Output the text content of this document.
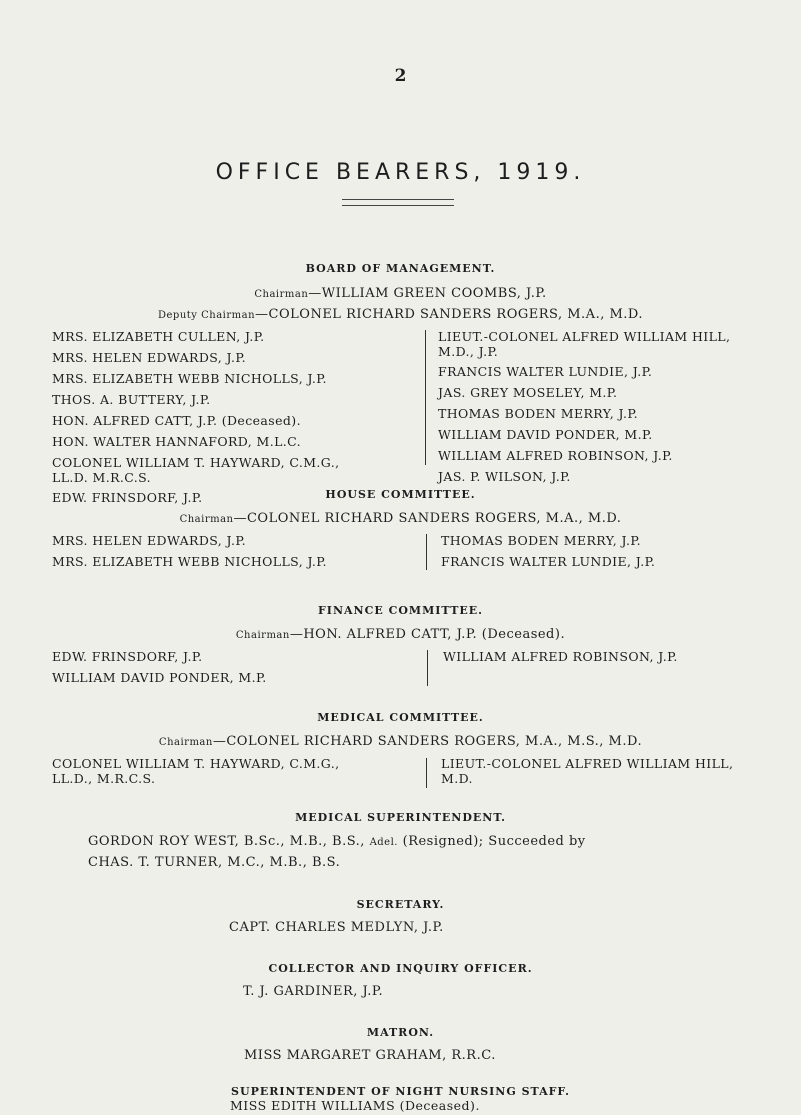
2
OFFICE BEARERS, 1919.
BOARD OF MANAGEMENT.
Chairman—WILLIAM GREEN COOMBS, J.P.
Deputy Chairman—COLONEL RICHARD SANDERS ROGERS, M.A., M.D.
MRS. ELIZABETH CULLEN, J.P.
MRS. HELEN EDWARDS, J.P.
MRS. ELIZABETH WEBB NICHOLLS, J.P.
THOS. A. BUTTERY, J.P.
HON. ALFRED CATT, J.P. (Deceased).
HON. WALTER HANNAFORD, M.L.C.
COLONEL WILLIAM T. HAYWARD, C.M.G.,
LL.D. M.R.C.S.
EDW. FRINSDORF, J.P.
LIEUT.-COLONEL ALFRED WILLIAM HILL,
M.D., J.P.
FRANCIS WALTER LUNDIE, J.P.
JAS. GREY MOSELEY, M.P.
THOMAS BODEN MERRY, J.P.
WILLIAM DAVID PONDER, M.P.
WILLIAM ALFRED ROBINSON, J.P.
JAS. P. WILSON, J.P.
HOUSE COMMITTEE.
Chairman—COLONEL RICHARD SANDERS ROGERS, M.A., M.D.
MRS. HELEN EDWARDS, J.P.
MRS. ELIZABETH WEBB NICHOLLS, J.P.
THOMAS BODEN MERRY, J.P.
FRANCIS WALTER LUNDIE, J.P.
FINANCE COMMITTEE.
Chairman—HON. ALFRED CATT, J.P. (Deceased).
EDW. FRINSDORF, J.P.
WILLIAM DAVID PONDER, M.P.
WILLIAM ALFRED ROBINSON, J.P.
MEDICAL COMMITTEE.
Chairman—COLONEL RICHARD SANDERS ROGERS, M.A., M.S., M.D.
COLONEL WILLIAM T. HAYWARD, C.M.G.,
LL.D., M.R.C.S.
LIEUT.-COLONEL ALFRED WILLIAM HILL,
M.D.
MEDICAL SUPERINTENDENT.
GORDON ROY WEST, B.Sc., M.B., B.S., Adel. (Resigned); Succeeded by
CHAS. T. TURNER, M.C., M.B., B.S.
SECRETARY.
CAPT. CHARLES MEDLYN, J.P.
COLLECTOR AND INQUIRY OFFICER.
T. J. GARDINER, J.P.
MATRON.
MISS MARGARET GRAHAM, R.R.C.
SUPERINTENDENT OF NIGHT NURSING STAFF.
MISS EDITH WILLIAMS (Deceased).
